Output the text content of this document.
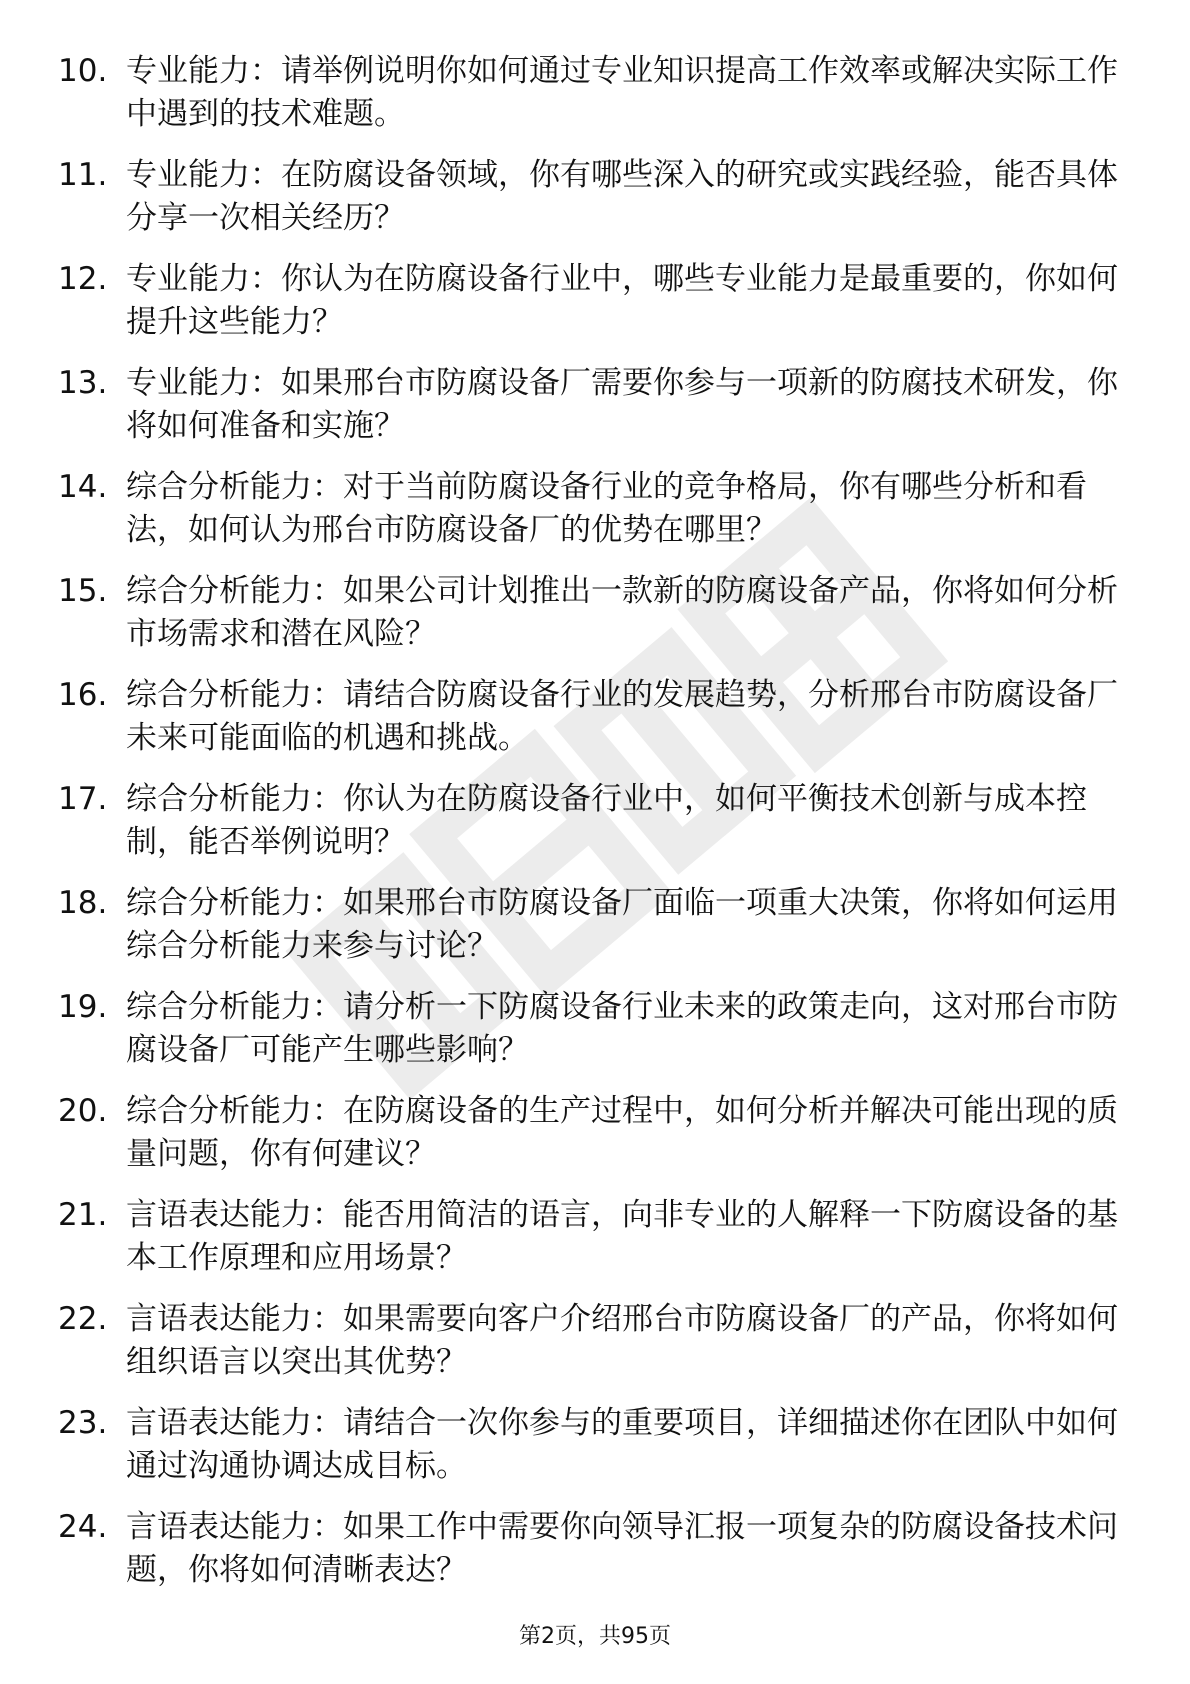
10. 专业能力：请举例说明你如何通过专业知识提高工作效率或解决实际工作中遇到的技术难题。
11. 专业能力：在防腐设备领域，你有哪些深入的研究或实践经验，能否具体分享一次相关经历？
12. 专业能力：你认为在防腐设备行业中，哪些专业能力是最重要的，你如何提升这些能力？
13. 专业能力：如果邢台市防腐设备厂需要你参与一项新的防腐技术研发，你将如何准备和实施？
14. 综合分析能力：对于当前防腐设备行业的竞争格局，你有哪些分析和看法，如何认为邢台市防腐设备厂的优势在哪里？
15. 综合分析能力：如果公司计划推出一款新的防腐设备产品，你将如何分析市场需求和潜在风险？
16. 综合分析能力：请结合防腐设备行业的发展趋势，分析邢台市防腐设备厂未来可能面临的机遇和挑战。
17. 综合分析能力：你认为在防腐设备行业中，如何平衡技术创新与成本控制，能否举例说明？
18. 综合分析能力：如果邢台市防腐设备厂面临一项重大决策，你将如何运用综合分析能力来参与讨论？
19. 综合分析能力：请分析一下防腐设备行业未来的政策走向，这对邢台市防腐设备厂可能产生哪些影响？
20. 综合分析能力：在防腐设备的生产过程中，如何分析并解决可能出现的质量问题，你有何建议？
21. 言语表达能力：能否用简洁的语言，向非专业的人解释一下防腐设备的基本工作原理和应用场景？
22. 言语表达能力：如果需要向客户介绍邢台市防腐设备厂的产品，你将如何组织语言以突出其优势？
23. 言语表达能力：请结合一次你参与的重要项目，详细描述你在团队中如何通过沟通协调达成目标。
24. 言语表达能力：如果工作中需要你向领导汇报一项复杂的防腐设备技术问题，你将如何清晰表达？
第2页，共95页
